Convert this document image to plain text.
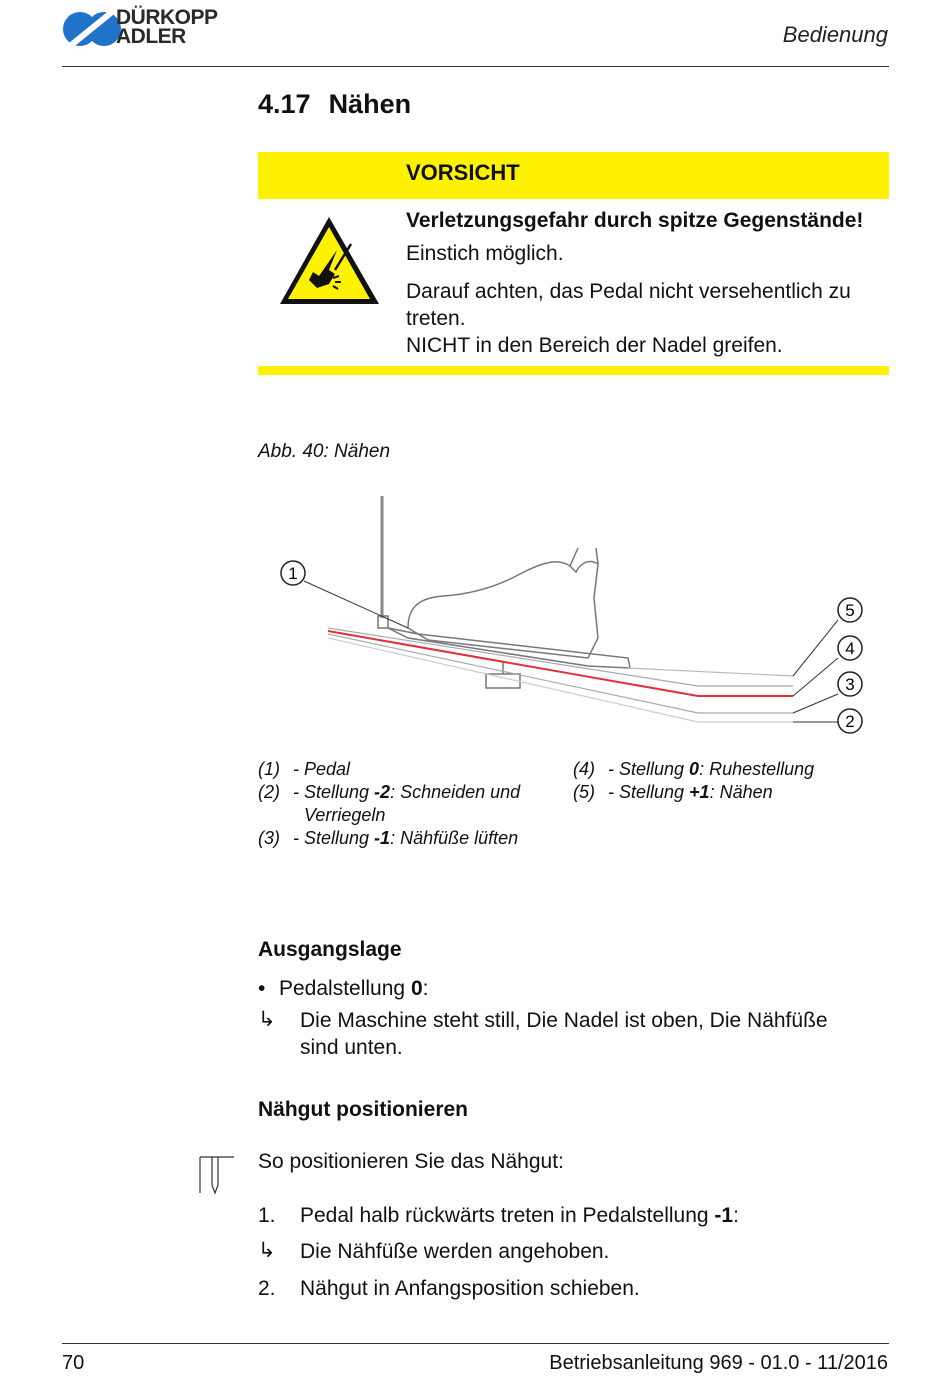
DÜRKOPP
ADLER	Bedienung
4.17 Nähen
VORSICHT
Verletzungsgefahr durch spitze Gegenstände!
Einstich möglich.
Darauf achten, das Pedal nicht versehentlich zu
treten.
NICHT in den Bereich der Nadel greifen.
Abb. 40: Nähen
1
5
4
3
2
(1) - Pedal
(2) - Stellung -2: Schneiden und
Verriegeln
(3) - Stellung -1: Nähfüße lüften
(4) - Stellung 0: Ruhestellung
(5) - Stellung +1: Nähen
Ausgangslage
• Pedalstellung 0:
↳ Die Maschine steht still, Die Nadel ist oben, Die Nähfüße
sind unten.
Nähgut positionieren
So positionieren Sie das Nähgut:
1. Pedal halb rückwärts treten in Pedalstellung -1:
↳ Die Nähfüße werden angehoben.
2. Nähgut in Anfangsposition schieben.
70	Betriebsanleitung 969 - 01.0 - 11/2016
